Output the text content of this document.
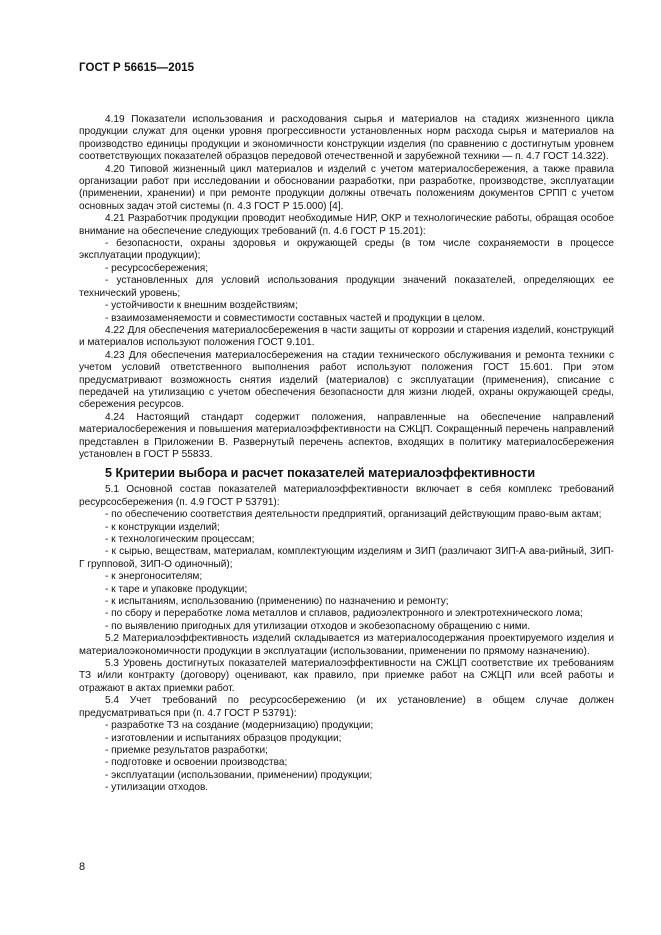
ГОСТ Р 56615—2015

4.19 Показатели использования и расходования сырья и материалов на стадиях жизненного цикла продукции служат для оценки уровня прогрессивности установленных норм расхода сырья и материалов на производство единицы продукции и экономичности конструкции изделия (по сравнению с достигнутым уровнем соответствующих показателей образцов передовой отечественной и зарубежной техники — п. 4.7 ГОСТ 14.322).

4.20 Типовой жизненный цикл материалов и изделий с учетом материалосбережения, а также правила организации работ при исследовании и обосновании разработки, при разработке, производстве, эксплуатации (применении, хранении) и при ремонте продукции должны отвечать положениям документов СРПП с учетом основных задач этой системы (п. 4.3 ГОСТ Р 15.000) [4].

4.21 Разработчик продукции проводит необходимые НИР, ОКР и технологические работы, обращая особое внимание на обеспечение следующих требований (п. 4.6 ГОСТ Р 15.201):

- безопасности, охраны здоровья и окружающей среды (в том числе сохраняемости в процессе эксплуатации продукции);

- ресурсосбережения;

- установленных для условий использования продукции значений показателей, определяющих ее технический уровень;

- устойчивости к внешним воздействиям;

- взаимозаменяемости и совместимости составных частей и продукции в целом.

4.22 Для обеспечения материалосбережения в части защиты от коррозии и старения изделий, конструкций и материалов используют положения ГОСТ 9.101.

4.23 Для обеспечения материалосбережения на стадии технического обслуживания и ремонта техники с учетом условий ответственного выполнения работ используют положения ГОСТ 15.601. При этом предусматривают возможность снятия изделий (материалов) с эксплуатации (применения), списание с передачей на утилизацию с учетом обеспечения безопасности для жизни людей, охраны окружающей среды, сбережения ресурсов.

4.24 Настоящий стандарт содержит положения, направленные на обеспечение направлений материалосбережения и повышения материалоэффективности на СЖЦП. Сокращенный перечень направлений представлен в Приложении В. Развернутый перечень аспектов, входящих в политику материалосбережения установлен в ГОСТ Р 55833.

5 Критерии выбора и расчет показателей материалоэффективности

5.1 Основной состав показателей материалоэффективности включает в себя комплекс требований ресурсосбережения (п. 4.9 ГОСТ Р 53791):

- по обеспечению соответствия деятельности предприятий, организаций действующим право-вым актам;

- к конструкции изделий;

- к технологическим процессам;

- к сырью, веществам, материалам, комплектующим изделиям и ЗИП (различают ЗИП-А ава-рийный, ЗИП-Г групповой, ЗИП-О одиночный);

- к энергоносителям;

- к таре и упаковке продукции;

- к испытаниям, использованию (применению) по назначению и ремонту;

- по сбору и переработке лома металлов и сплавов, радиоэлектронного и электротехнического лома;

- по выявлению пригодных для утилизации отходов и экобезопасному обращению с ними.

5.2 Материалоэффективность изделий складывается из материалосодержания проектируемого изделия и материалоэкономичности продукции в эксплуатации (использовании, применении по прямому назначению).

5.3 Уровень достигнутых показателей материалоэффективности на СЖЦП соответствие их требованиям ТЗ и/или контракту (договору) оценивают, как правило, при приемке работ на СЖЦП или всей работы и отражают в актах приемки работ.

5.4 Учет требований по ресурсосбережению (и их установление) в общем случае должен предусматриваться при (п. 4.7 ГОСТ Р 53791):

- разработке ТЗ на создание (модернизацию) продукции;

- изготовлении и испытаниях образцов продукции;

- приемке результатов разработки;

- подготовке и освоении производства;

- эксплуатации (использовании, применении) продукции;

- утилизации отходов.

8
